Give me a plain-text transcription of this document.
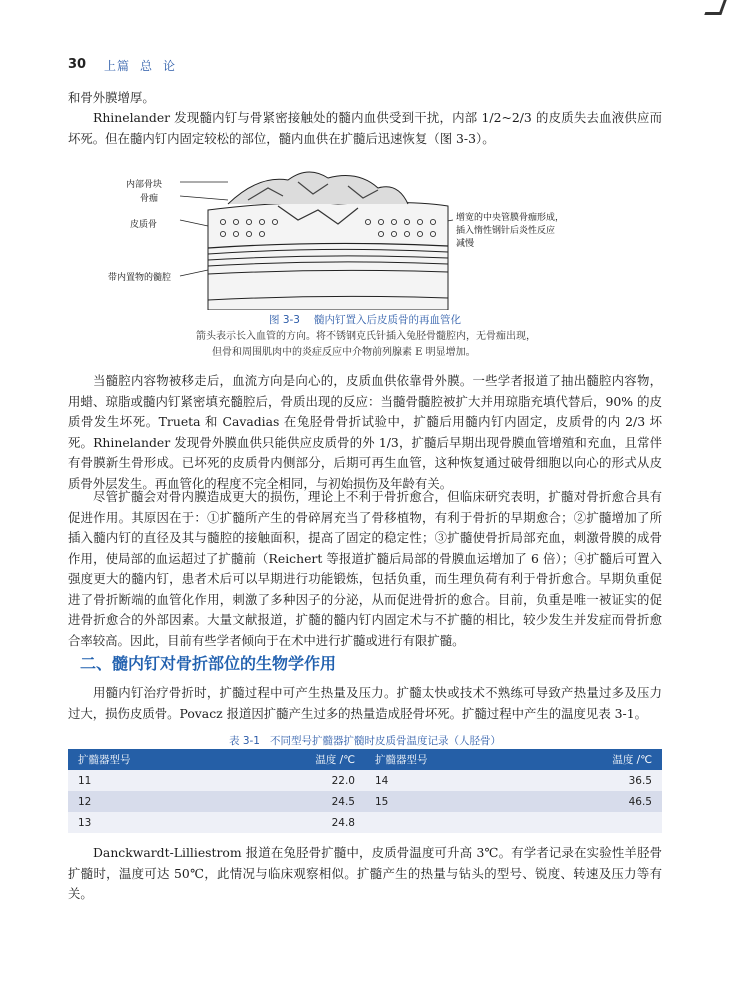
30 上篇 总 论

和骨外膜增厚。

Rhinelander 发现髓内钉与骨紧密接触处的髓内血供受到干扰，内部 1/2~2/3 的皮质失去血液供应而坏死。但在髓内钉内固定较松的部位，髓内血供在扩髓后迅速恢复（图 3-3）。

内部骨块
骨痂
皮质骨
带内置物的髓腔
增宽的中央管膜骨痂形成，
插入惰性钢针后炎性反应
减慢
图 3-3 髓内钉置入后皮质骨的再血管化

箭头表示长入血管的方向。将不锈钢克氏针插入兔胫骨髓腔内，无骨痂出现，

但骨和周围肌肉中的炎症反应中介物前列腺素 E 明显增加。

当髓腔内容物被移走后，血流方向是向心的，皮质血供依靠骨外膜。一些学者报道了抽出髓腔内容物，用蜡、琼脂或髓内钉紧密填充髓腔后，骨质出现的反应：当髓骨髓腔被扩大并用琼脂充填代替后，90% 的皮质骨发生坏死。Trueta 和 Cavadias 在兔胫骨骨折试验中，扩髓后用髓内钉内固定，皮质骨的内 2/3 坏死。Rhinelander 发现骨外膜血供只能供应皮质骨的外 1/3，扩髓后早期出现骨膜血管增殖和充血，且常伴有骨膜新生骨形成。已坏死的皮质骨内侧部分，后期可再生血管，这种恢复通过破骨细胞以向心的形式从皮质骨外层发生。再血管化的程度不完全相同，与初始损伤及年龄有关。

尽管扩髓会对骨内膜造成更大的损伤，理论上不利于骨折愈合，但临床研究表明，扩髓对骨折愈合具有促进作用。其原因在于：①扩髓所产生的骨碎屑充当了骨移植物，有利于骨折的早期愈合；②扩髓增加了所插入髓内钉的直径及其与髓腔的接触面积，提高了固定的稳定性；③扩髓使骨折局部充血，刺激骨膜的成骨作用，使局部的血运超过了扩髓前（Reichert 等报道扩髓后局部的骨膜血运增加了 6 倍）；④扩髓后可置入强度更大的髓内钉，患者术后可以早期进行功能锻炼，包括负重，而生理负荷有利于骨折愈合。早期负重促进了骨折断端的血管化作用，刺激了多种因子的分泌，从而促进骨折的愈合。目前，负重是唯一被证实的促进骨折愈合的外部因素。大量文献报道，扩髓的髓内钉内固定术与不扩髓的相比，较少发生并发症而骨折愈合率较高。因此，目前有些学者倾向于在术中进行扩髓或进行有限扩髓。

二、髓内钉对骨折部位的生物学作用

用髓内钉治疗骨折时，扩髓过程中可产生热量及压力。扩髓太快或技术不熟练可导致产热量过多及压力过大，损伤皮质骨。Povacz 报道因扩髓产生过多的热量造成胫骨坏死。扩髓过程中产生的温度见表 3-1。

表 3-1 不同型号扩髓器扩髓时皮质骨温度记录（人胫骨）
扩髓器型号	温度 /℃	扩髓器型号	温度 /℃
11	22.0	14	36.5
12	24.5	15	46.5
13	24.8		

Danckwardt-Lilliestrom 报道在兔胫骨扩髓中，皮质骨温度可升高 3℃。有学者记录在实验性羊胫骨扩髓时，温度可达 50℃，此情况与临床观察相似。扩髓产生的热量与钻头的型号、锐度、转速及压力等有关。
